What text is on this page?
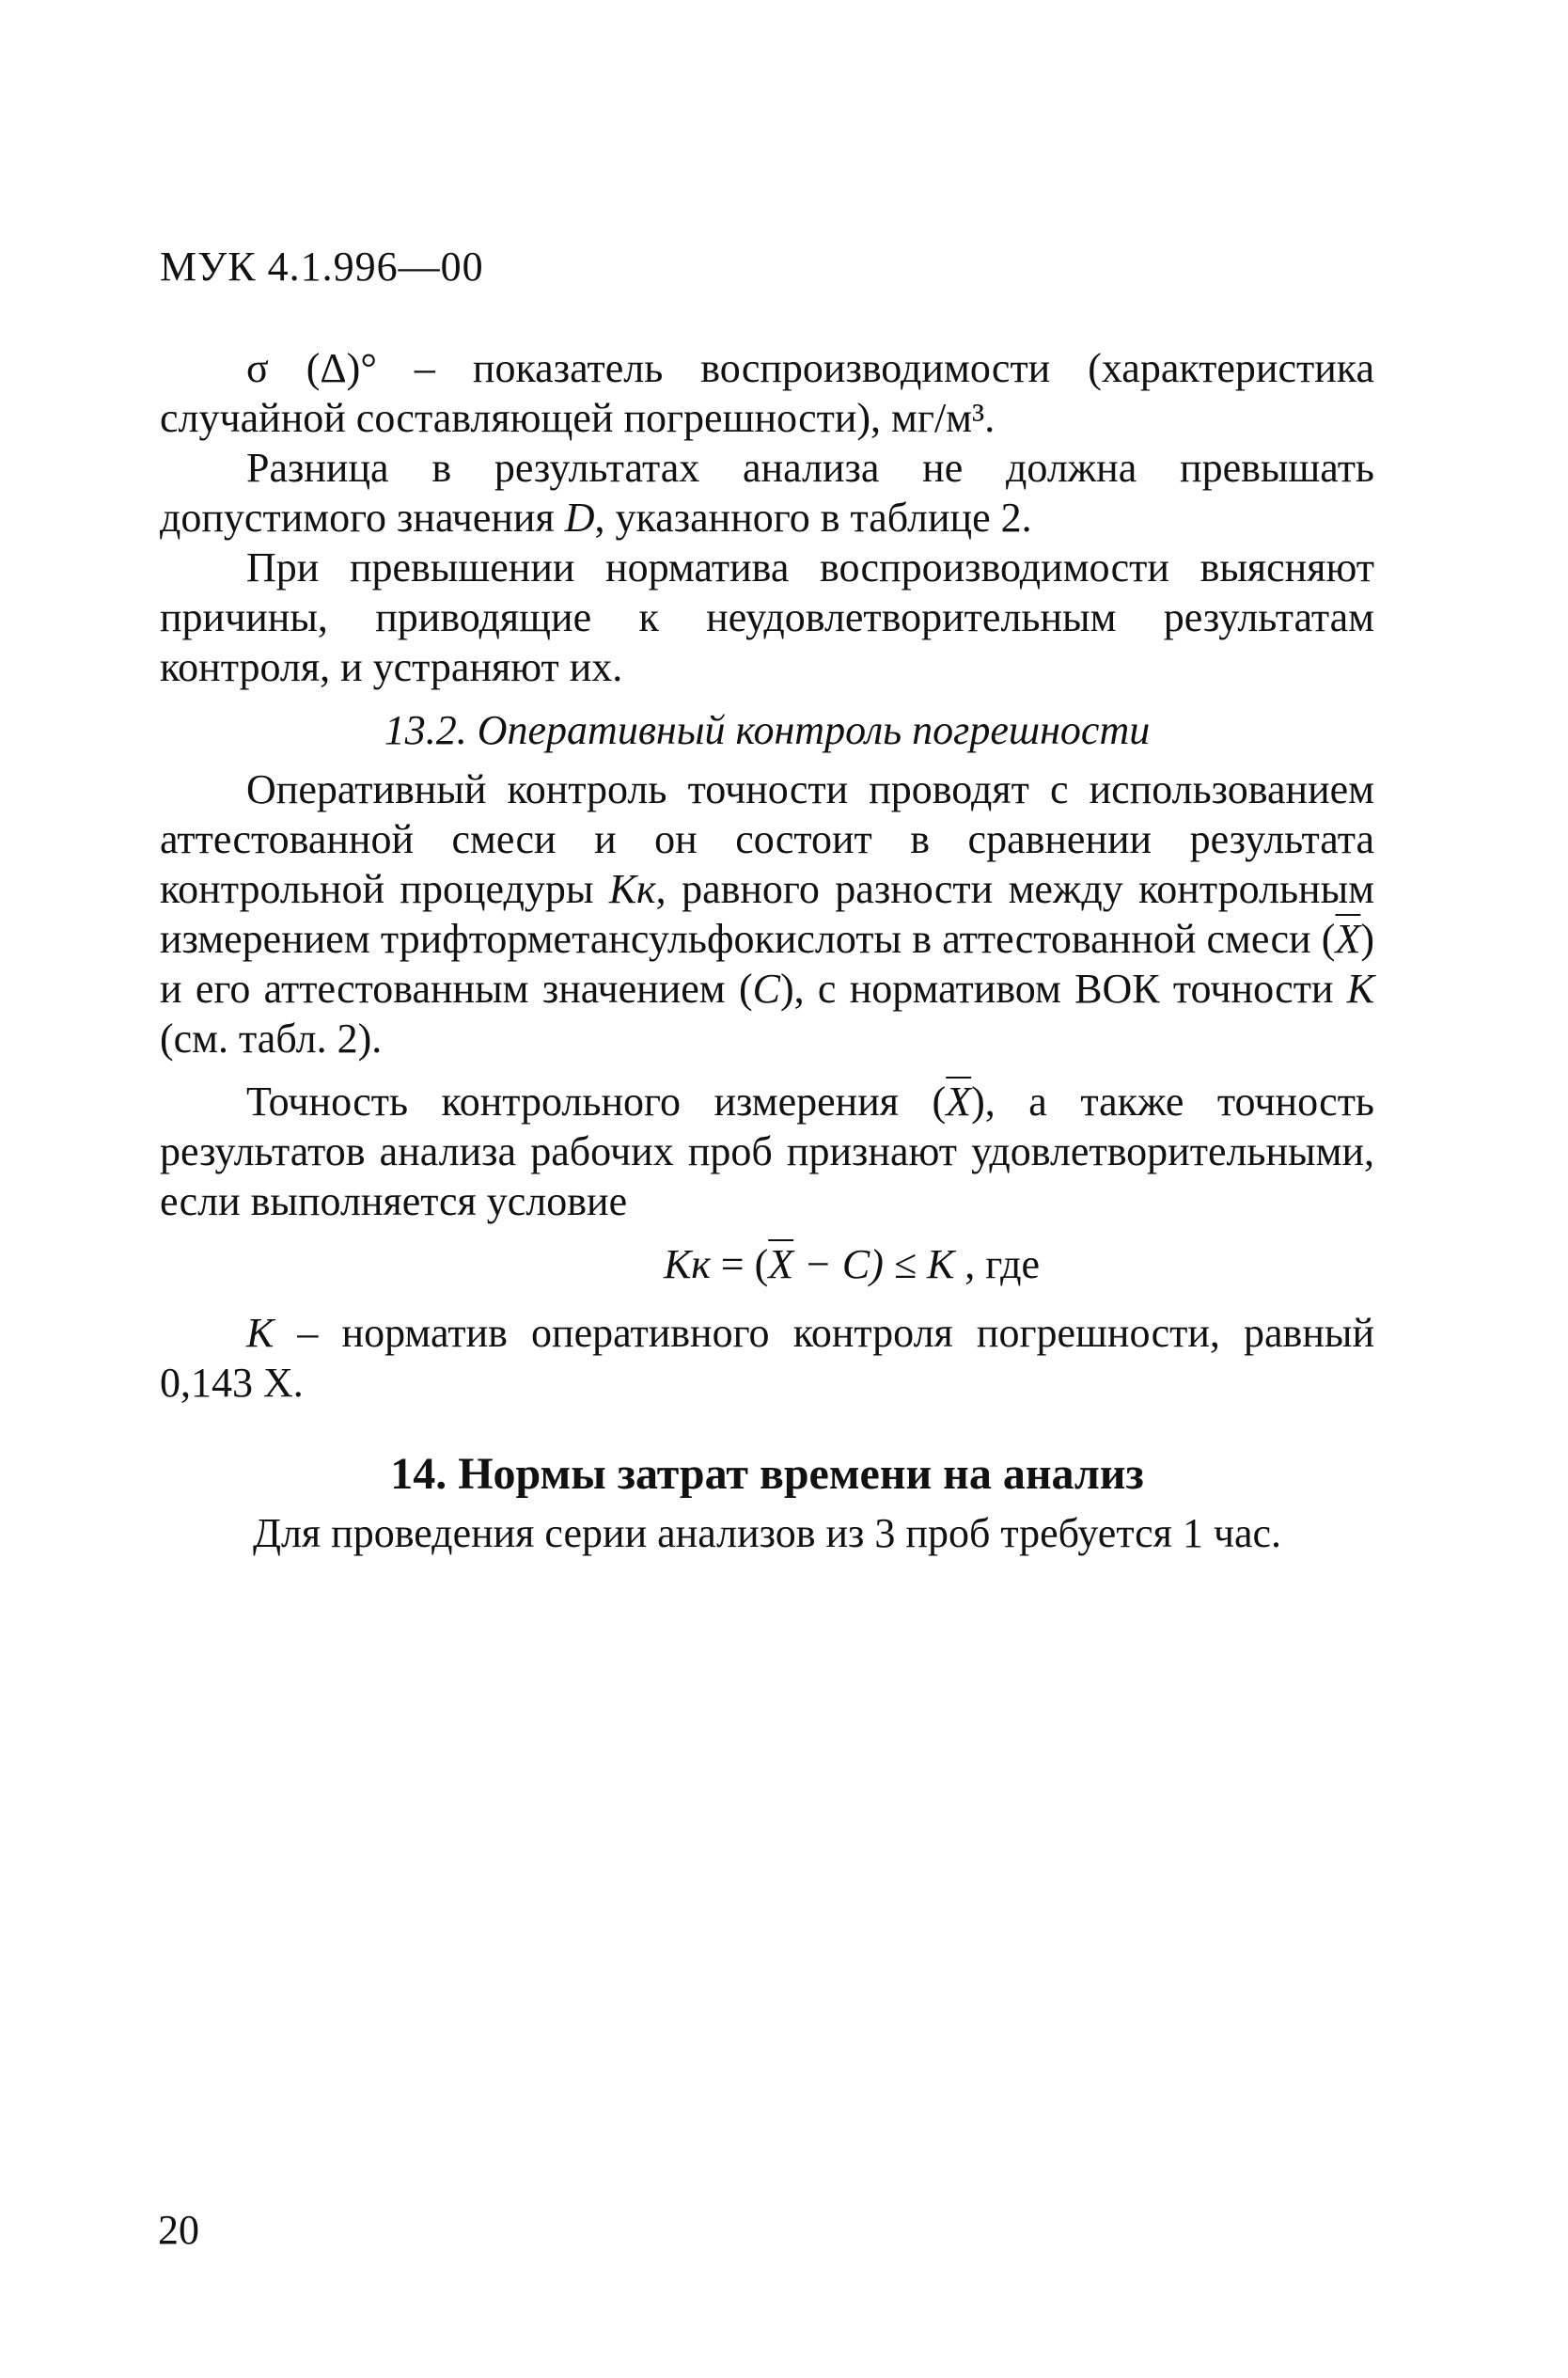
МУК 4.1.996—00

σ (Δ)° – показатель воспроизводимости (характеристика случайной составляющей погрешности), мг/м³.

Разница в результатах анализа не должна превышать допустимого значения D, указанного в таблице 2.

При превышении норматива воспроизводимости выясняют причины, приводящие к неудовлетворительным результатам контроля, и устраняют их.

13.2. Оперативный контроль погрешности

Оперативный контроль точности проводят с использованием аттестованной смеси и он состоит в сравнении результата контрольной процедуры Кк, равного разности между контрольным измерением трифторметансульфокислоты в аттестованной смеси $(\overline{X})$ и его аттестованным значением (C), с нормативом ВОК точности К (см. табл. 2).

Точность контрольного измерения $(\overline{X})$, а также точность результатов анализа рабочих проб признают удовлетворительными, если выполняется условие

Кк = $(\overline{X} - C) \le К$ , где

К – норматив оперативного контроля погрешности, равный 0,143 Х.

14. Нормы затрат времени на анализ

Для проведения серии анализов из 3 проб требуется 1 час.

20
